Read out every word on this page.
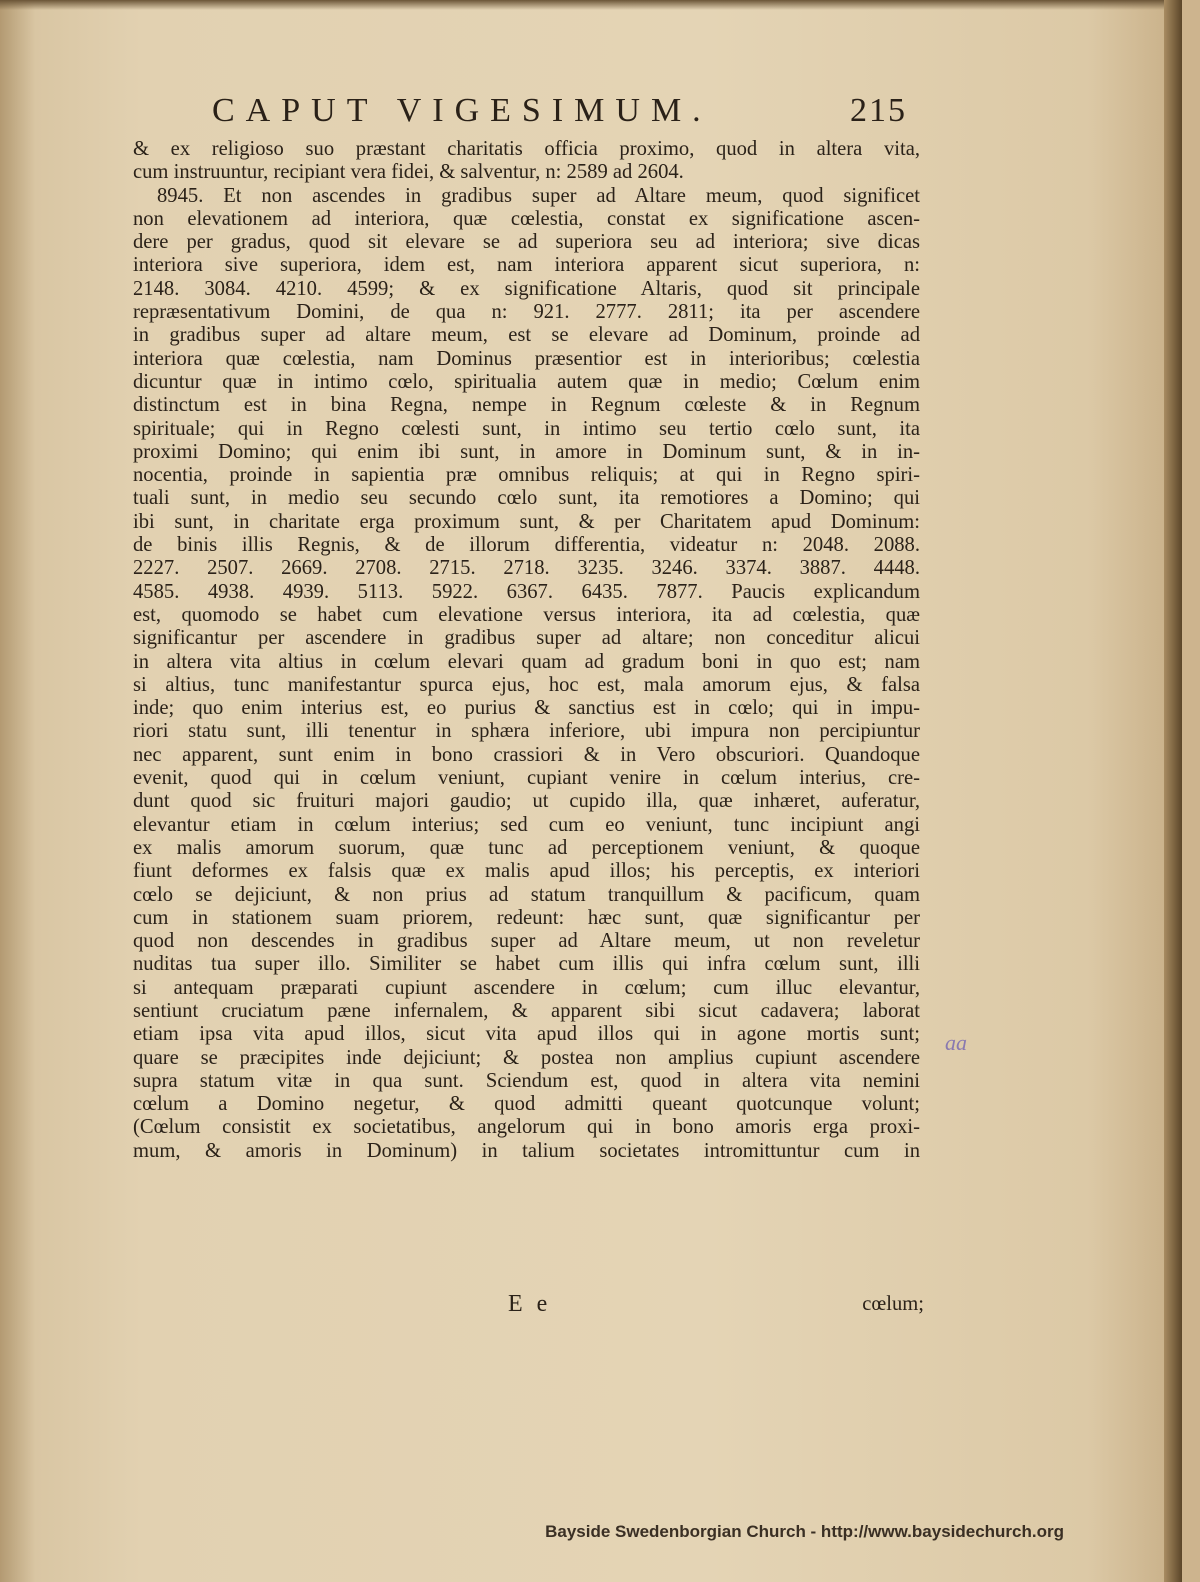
CAPUT VIGESIMUM.	215
& ex religioso suo præstant charitatis officia proximo, quod in altera vita,
cum instruuntur, recipiant vera fidei, & salventur, n: 2589 ad 2604.
8945. Et non ascendes in gradibus super ad Altare meum, quod significet
non elevationem ad interiora, quæ cœlestia, constat ex significatione ascen-
dere per gradus, quod sit elevare se ad superiora seu ad interiora; sive dicas
interiora sive superiora, idem est, nam interiora apparent sicut superiora, n:
2148. 3084. 4210. 4599; & ex significatione Altaris, quod sit principale
repræsentativum Domini, de qua n: 921. 2777. 2811; ita per ascendere
in gradibus super ad altare meum, est se elevare ad Dominum, proinde ad
interiora quæ cœlestia, nam Dominus præsentior est in interioribus; cœlestia
dicuntur quæ in intimo cœlo, spiritualia autem quæ in medio; Cœlum enim
distinctum est in bina Regna, nempe in Regnum cœleste & in Regnum
spirituale; qui in Regno cœlesti sunt, in intimo seu tertio cœlo sunt, ita
proximi Domino; qui enim ibi sunt, in amore in Dominum sunt, & in in-
nocentia, proinde in sapientia præ omnibus reliquis; at qui in Regno spiri-
tuali sunt, in medio seu secundo cœlo sunt, ita remotiores a Domino; qui
ibi sunt, in charitate erga proximum sunt, & per Charitatem apud Dominum:
de binis illis Regnis, & de illorum differentia, videatur n: 2048. 2088.
2227. 2507. 2669. 2708. 2715. 2718. 3235. 3246. 3374. 3887. 4448.
4585. 4938. 4939. 5113. 5922. 6367. 6435. 7877. Paucis explicandum
est, quomodo se habet cum elevatione versus interiora, ita ad cœlestia, quæ
significantur per ascendere in gradibus super ad altare; non conceditur alicui
in altera vita altius in cœlum elevari quam ad gradum boni in quo est; nam
si altius, tunc manifestantur spurca ejus, hoc est, mala amorum ejus, & falsa
inde; quo enim interius est, eo purius & sanctius est in cœlo; qui in impu-
riori statu sunt, illi tenentur in sphæra inferiore, ubi impura non percipiuntur
nec apparent, sunt enim in bono crassiori & in Vero obscuriori. Quandoque
evenit, quod qui in cœlum veniunt, cupiant venire in cœlum interius, cre-
dunt quod sic fruituri majori gaudio; ut cupido illa, quæ inhæret, auferatur,
elevantur etiam in cœlum interius; sed cum eo veniunt, tunc incipiunt angi
ex malis amorum suorum, quæ tunc ad perceptionem veniunt, & quoque
fiunt deformes ex falsis quæ ex malis apud illos; his perceptis, ex interiori
cœlo se dejiciunt, & non prius ad statum tranquillum & pacificum, quam
cum in stationem suam priorem, redeunt: hæc sunt, quæ significantur per
quod non descendes in gradibus super ad Altare meum, ut non reveletur
nuditas tua super illo. Similiter se habet cum illis qui infra cœlum sunt, illi
si antequam præparati cupiunt ascendere in cœlum; cum illuc elevantur,
sentiunt cruciatum pæne infernalem, & apparent sibi sicut cadavera; laborat
etiam ipsa vita apud illos, sicut vita apud illos qui in agone mortis sunt;
quare se præcipites inde dejiciunt; & postea non amplius cupiunt ascendere
supra statum vitæ in qua sunt. Sciendum est, quod in altera vita nemini
cœlum a Domino negetur, & quod admitti queant quotcunque volunt;
(Cœlum consistit ex societatibus, angelorum qui in bono amoris erga proxi-
mum, & amoris in Dominum) in talium societates intromittuntur cum in
aa
E e	cœlum;
Bayside Swedenborgian Church - http://www.baysidechurch.org
